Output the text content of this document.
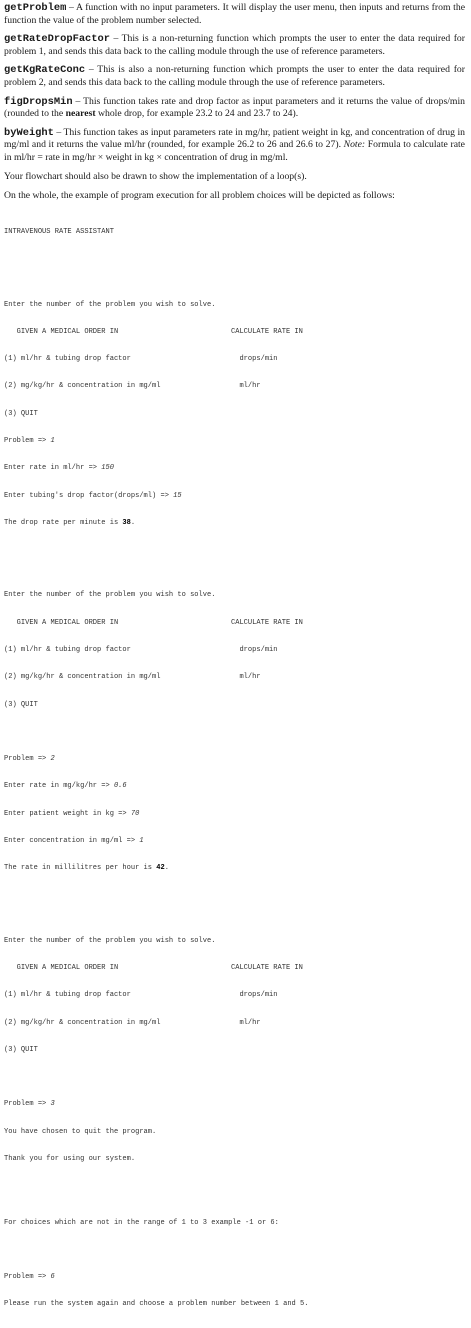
getProblem – A function with no input parameters. It will display the user menu, then inputs and returns from the function the value of the problem number selected.

getRateDropFactor – This is a non-returning function which prompts the user to enter the data required for problem 1, and sends this data back to the calling module through the use of reference parameters.

getKgRateConc – This is also a non-returning function which prompts the user to enter the data required for problem 2, and sends this data back to the calling module through the use of reference parameters.

figDropsMin – This function takes rate and drop factor as input parameters and it returns the value of drops/min (rounded to the nearest whole drop, for example 23.2 to 24 and 23.7 to 24).

byWeight – This function takes as input parameters rate in mg/hr, patient weight in kg, and concentration of drug in mg/ml and it returns the value ml/hr (rounded, for example 26.2 to 26 and 26.6 to 27). Note: Formula to calculate rate in ml/hr = rate in mg/hr × weight in kg × concentration of drug in mg/ml.

Your flowchart should also be drawn to show the implementation of a loop(s).

On the whole, the example of program execution for all problem choices will be depicted as follows:

INTRAVENOUS RATE ASSISTANT

Enter the number of the problem you wish to solve.

GIVEN A MEDICAL ORDER IN	CALCULATE RATE IN

(1) ml/hr & tubing drop factor	drops/min

(2) mg/kg/hr & concentration in mg/ml	ml/hr

(3) QUIT

Problem => 1

Enter rate in ml/hr => 150

Enter tubing's drop factor(drops/ml) => 15

The drop rate per minute is 38.

Enter the number of the problem you wish to solve.

GIVEN A MEDICAL ORDER IN	CALCULATE RATE IN

(1) ml/hr & tubing drop factor	drops/min

(2) mg/kg/hr & concentration in mg/ml	ml/hr

(3) QUIT

Problem => 2

Enter rate in mg/kg/hr => 0.6

Enter patient weight in kg => 70

Enter concentration in mg/ml => 1

The rate in millilitres per hour is 42.

Enter the number of the problem you wish to solve.

GIVEN A MEDICAL ORDER IN	CALCULATE RATE IN

(1) ml/hr & tubing drop factor	drops/min

(2) mg/kg/hr & concentration in mg/ml	ml/hr

(3) QUIT

Problem => 3

You have chosen to quit the program.

Thank you for using our system.

For choices which are not in the range of 1 to 3 example -1 or 6:

Problem => 6

Please run the system again and choose a problem number between 1 and 5.
